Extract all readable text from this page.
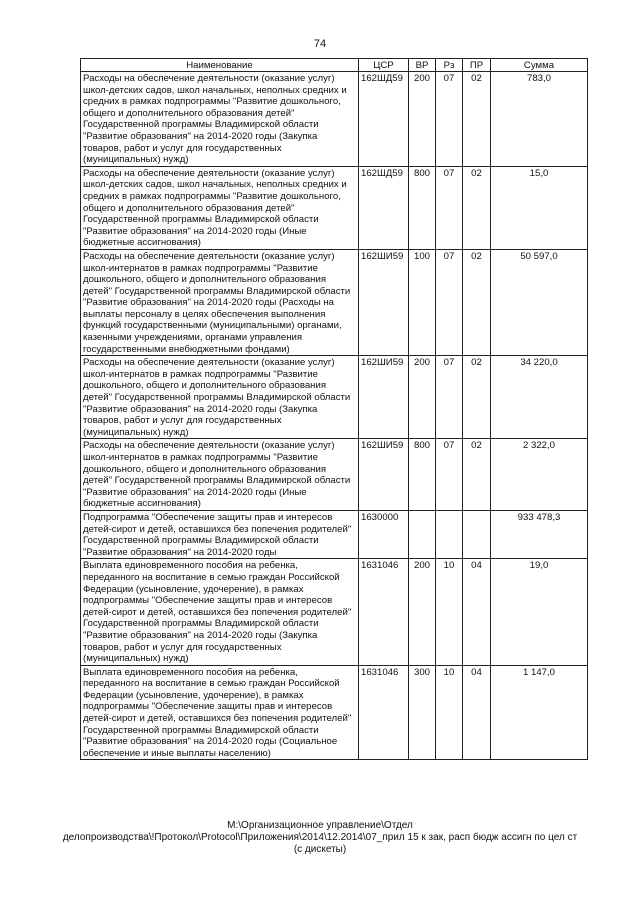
74
Наименование	ЦСР	ВР	Рз	ПР	Сумма
Расходы на обеспечение деятельности (оказание услуг) школ-детских садов, школ начальных, неполных средних и средних в рамках подпрограммы "Развитие дошкольного, общего и дополнительного образования детей" Государственной программы Владимирской области "Развитие образования" на 2014-2020 годы (Закупка товаров, работ и услуг для государственных (муниципальных) нужд)	162ШД59	200	07	02	783,0
Расходы на обеспечение деятельности (оказание услуг) школ-детских садов, школ начальных, неполных средних и средних в рамках подпрограммы "Развитие дошкольного, общего и дополнительного образования детей" Государственной программы Владимирской области "Развитие образования" на 2014-2020 годы (Иные бюджетные ассигнования)	162ШД59	800	07	02	15,0
Расходы на обеспечение деятельности (оказание услуг) школ-интернатов в рамках подпрограммы "Развитие дошкольного, общего и дополнительного образования детей" Государственной программы Владимирской области "Развитие образования" на 2014-2020 годы (Расходы на выплаты персоналу в целях обеспечения выполнения функций государственными (муниципальными) органами, казенными учреждениями, органами управления государственными внебюджетными фондами)	162ШИ59	100	07	02	50 597,0
Расходы на обеспечение деятельности (оказание услуг) школ-интернатов в рамках подпрограммы "Развитие дошкольного, общего и дополнительного образования детей" Государственной программы Владимирской области "Развитие образования" на 2014-2020 годы (Закупка товаров, работ и услуг для государственных (муниципальных) нужд)	162ШИ59	200	07	02	34 220,0
Расходы на обеспечение деятельности (оказание услуг) школ-интернатов в рамках подпрограммы "Развитие дошкольного, общего и дополнительного образования детей" Государственной программы Владимирской области "Развитие образования" на 2014-2020 годы (Иные бюджетные ассигнования)	162ШИ59	800	07	02	2 322,0
Подпрограмма "Обеспечение защиты прав и интересов детей-сирот и детей, оставшихся без попечения родителей" Государственной программы Владимирской области "Развитие образования" на 2014-2020 годы	1630000				933 478,3
Выплата единовременного пособия на ребенка, переданного на воспитание в семью граждан Российской Федерации (усыновление, удочерение), в рамках подпрограммы "Обеспечение защиты прав и интересов детей-сирот и детей, оставшихся без попечения родителей" Государственной программы Владимирской области "Развитие образования" на 2014-2020 годы (Закупка товаров, работ и услуг для государственных (муниципальных) нужд)	1631046	200	10	04	19,0
Выплата единовременного пособия на ребенка, переданного на воспитание в семью граждан Российской Федерации (усыновление, удочерение), в рамках подпрограммы "Обеспечение защиты прав и интересов детей-сирот и детей, оставшихся без попечения родителей" Государственной программы Владимирской области "Развитие образования" на 2014-2020 годы (Социальное обеспечение и иные выплаты населению)	1631046	300	10	04	1 147,0
M:\Организационное управление\Отдел
делопроизводства\!Протокол\Protocol\Приложения\2014\12.2014\07_прил 15 к зак, расп бюдж ассигн по цел ст
(с дискеты)
